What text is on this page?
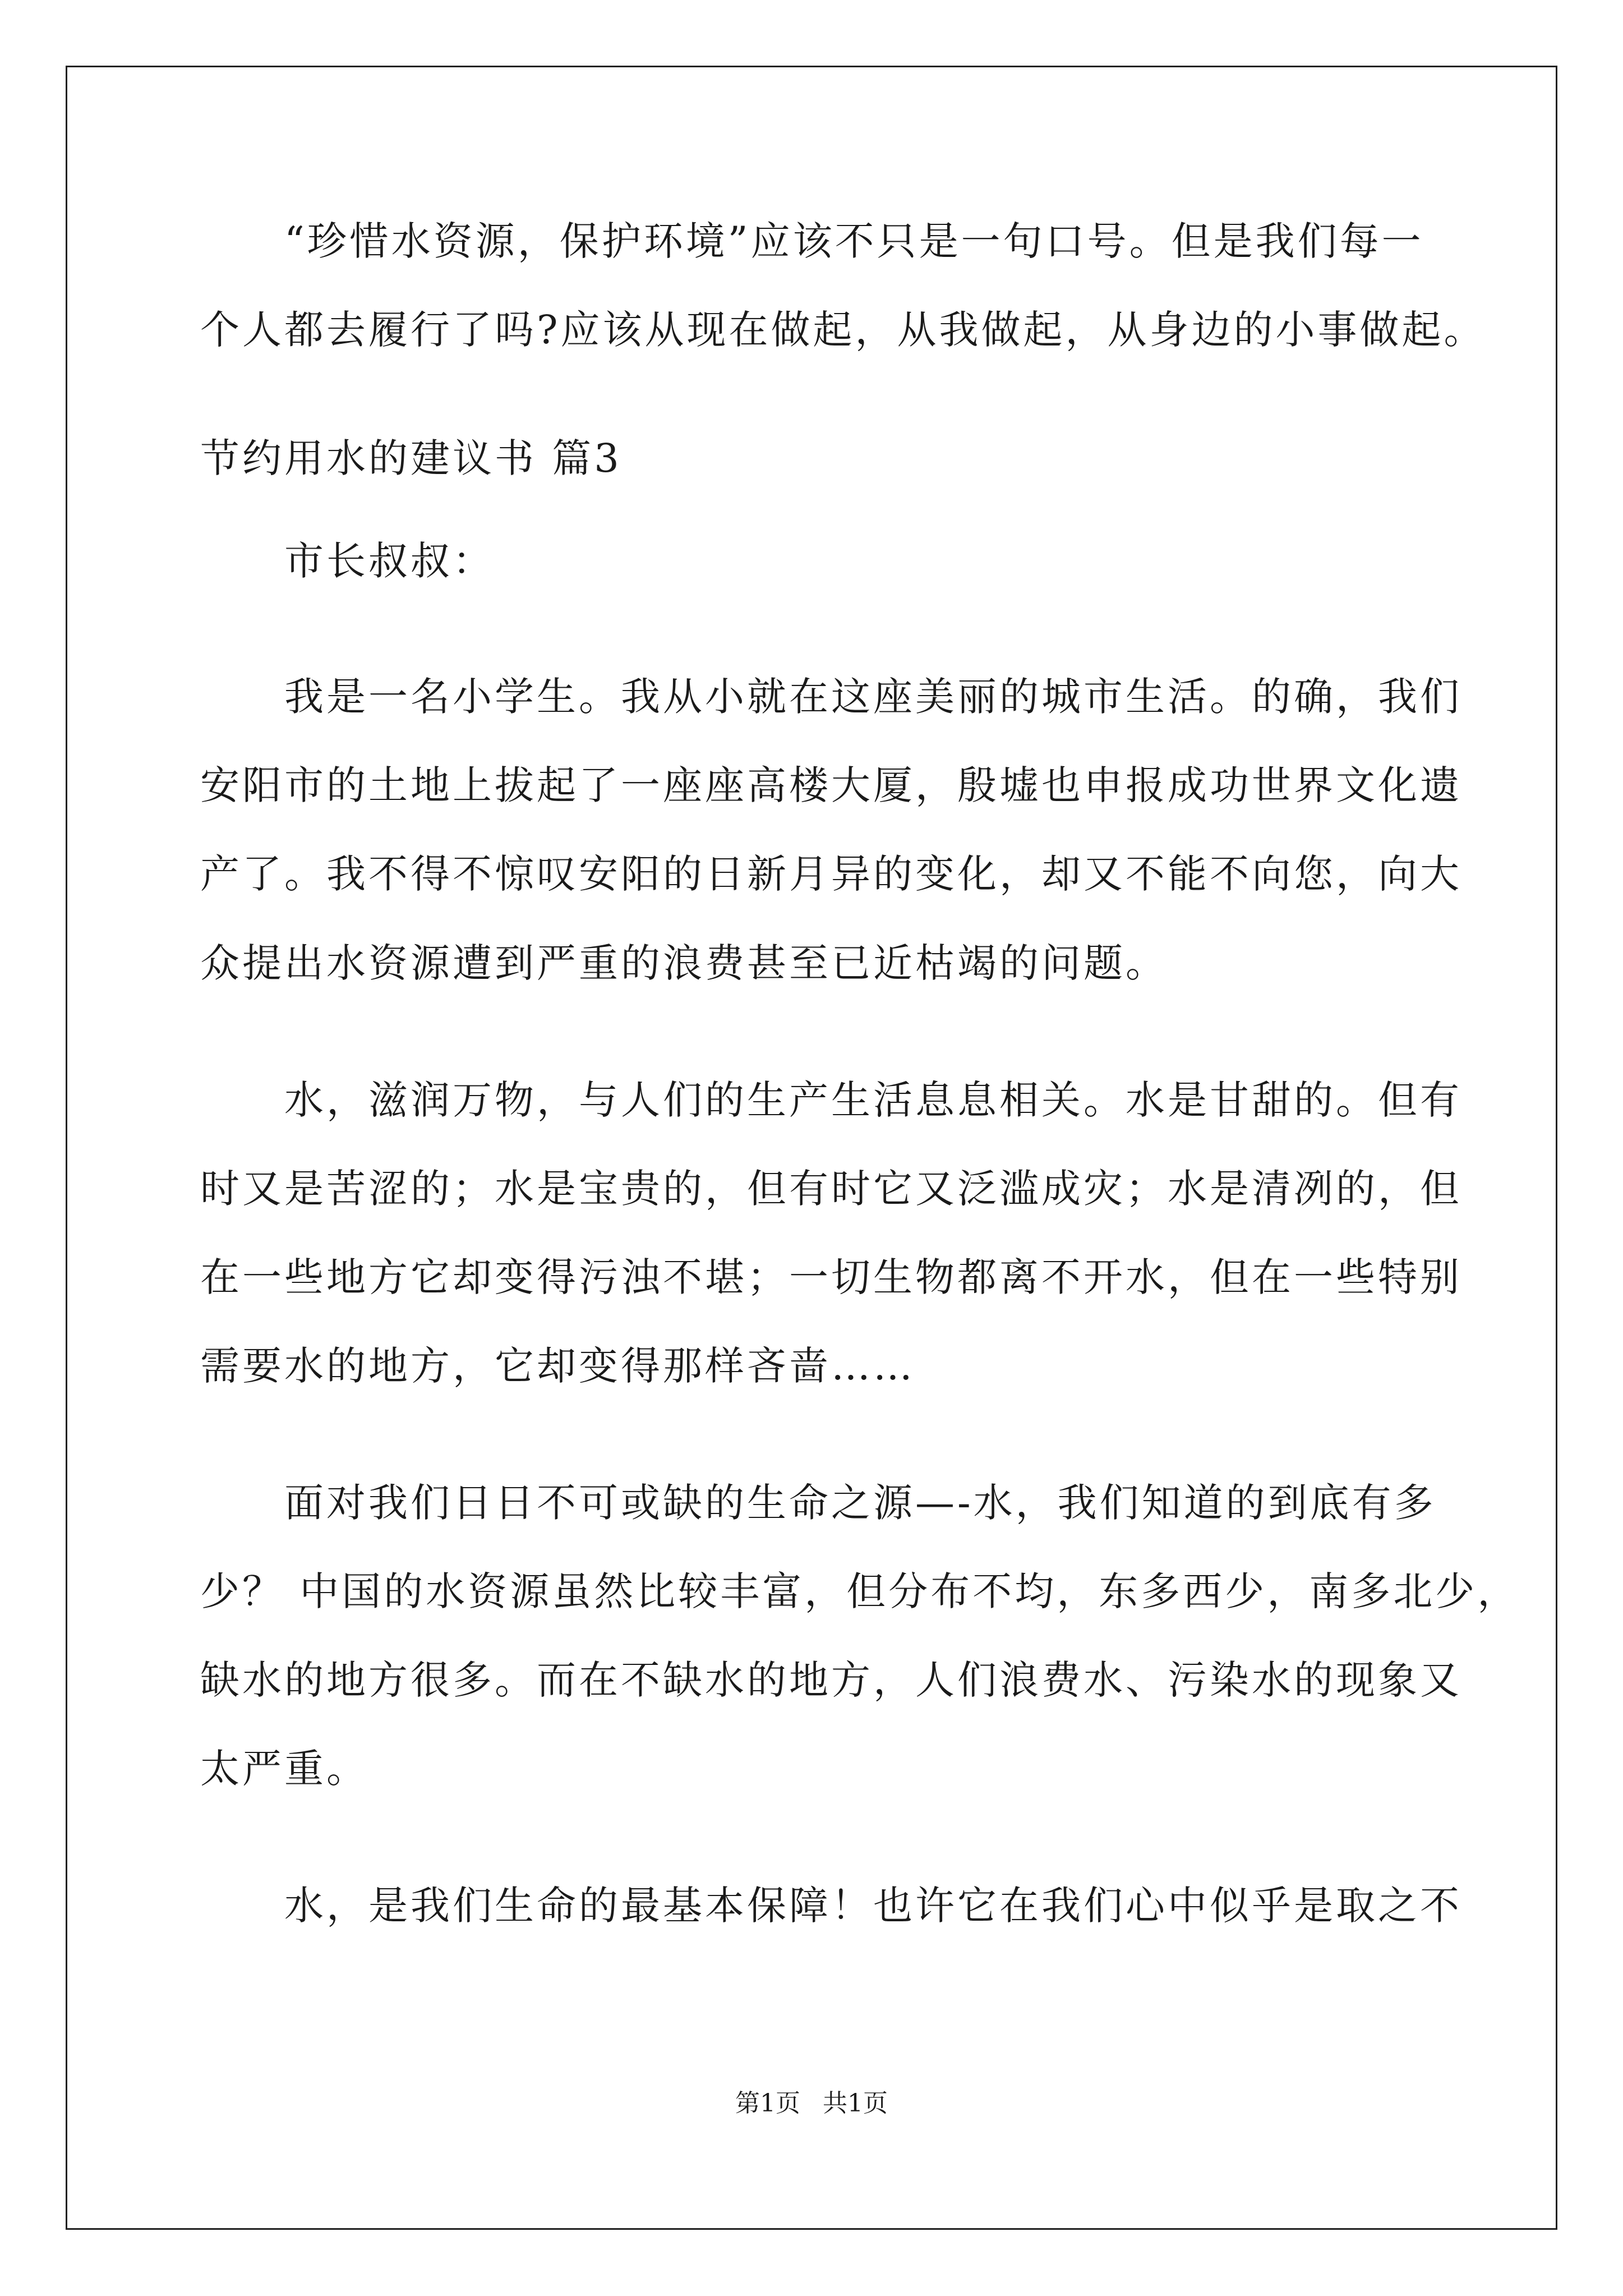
“珍惜水资源，保护环境”应该不只是一句口号。但是我们每一
个人都去履行了吗?应该从现在做起，从我做起，从身边的小事做起。
节约用水的建议书 篇3
市长叔叔：
我是一名小学生。我从小就在这座美丽的城市生活。的确，我们
安阳市的土地上拔起了一座座高楼大厦，殷墟也申报成功世界文化遗
产了。我不得不惊叹安阳的日新月异的变化，却又不能不向您，向大
众提出水资源遭到严重的浪费甚至已近枯竭的问题。
水，滋润万物，与人们的生产生活息息相关。水是甘甜的。但有
时又是苦涩的；水是宝贵的，但有时它又泛滥成灾；水是清冽的，但
在一些地方它却变得污浊不堪；一切生物都离不开水，但在一些特别
需要水的地方，它却变得那样吝啬……
面对我们日日不可或缺的生命之源—-水，我们知道的到底有多
少？ 中国的水资源虽然比较丰富，但分布不均，东多西少，南多北少，
缺水的地方很多。而在不缺水的地方，人们浪费水、污染水的现象又
太严重。
水，是我们生命的最基本保障！也许它在我们心中似乎是取之不
第1页 共1页
